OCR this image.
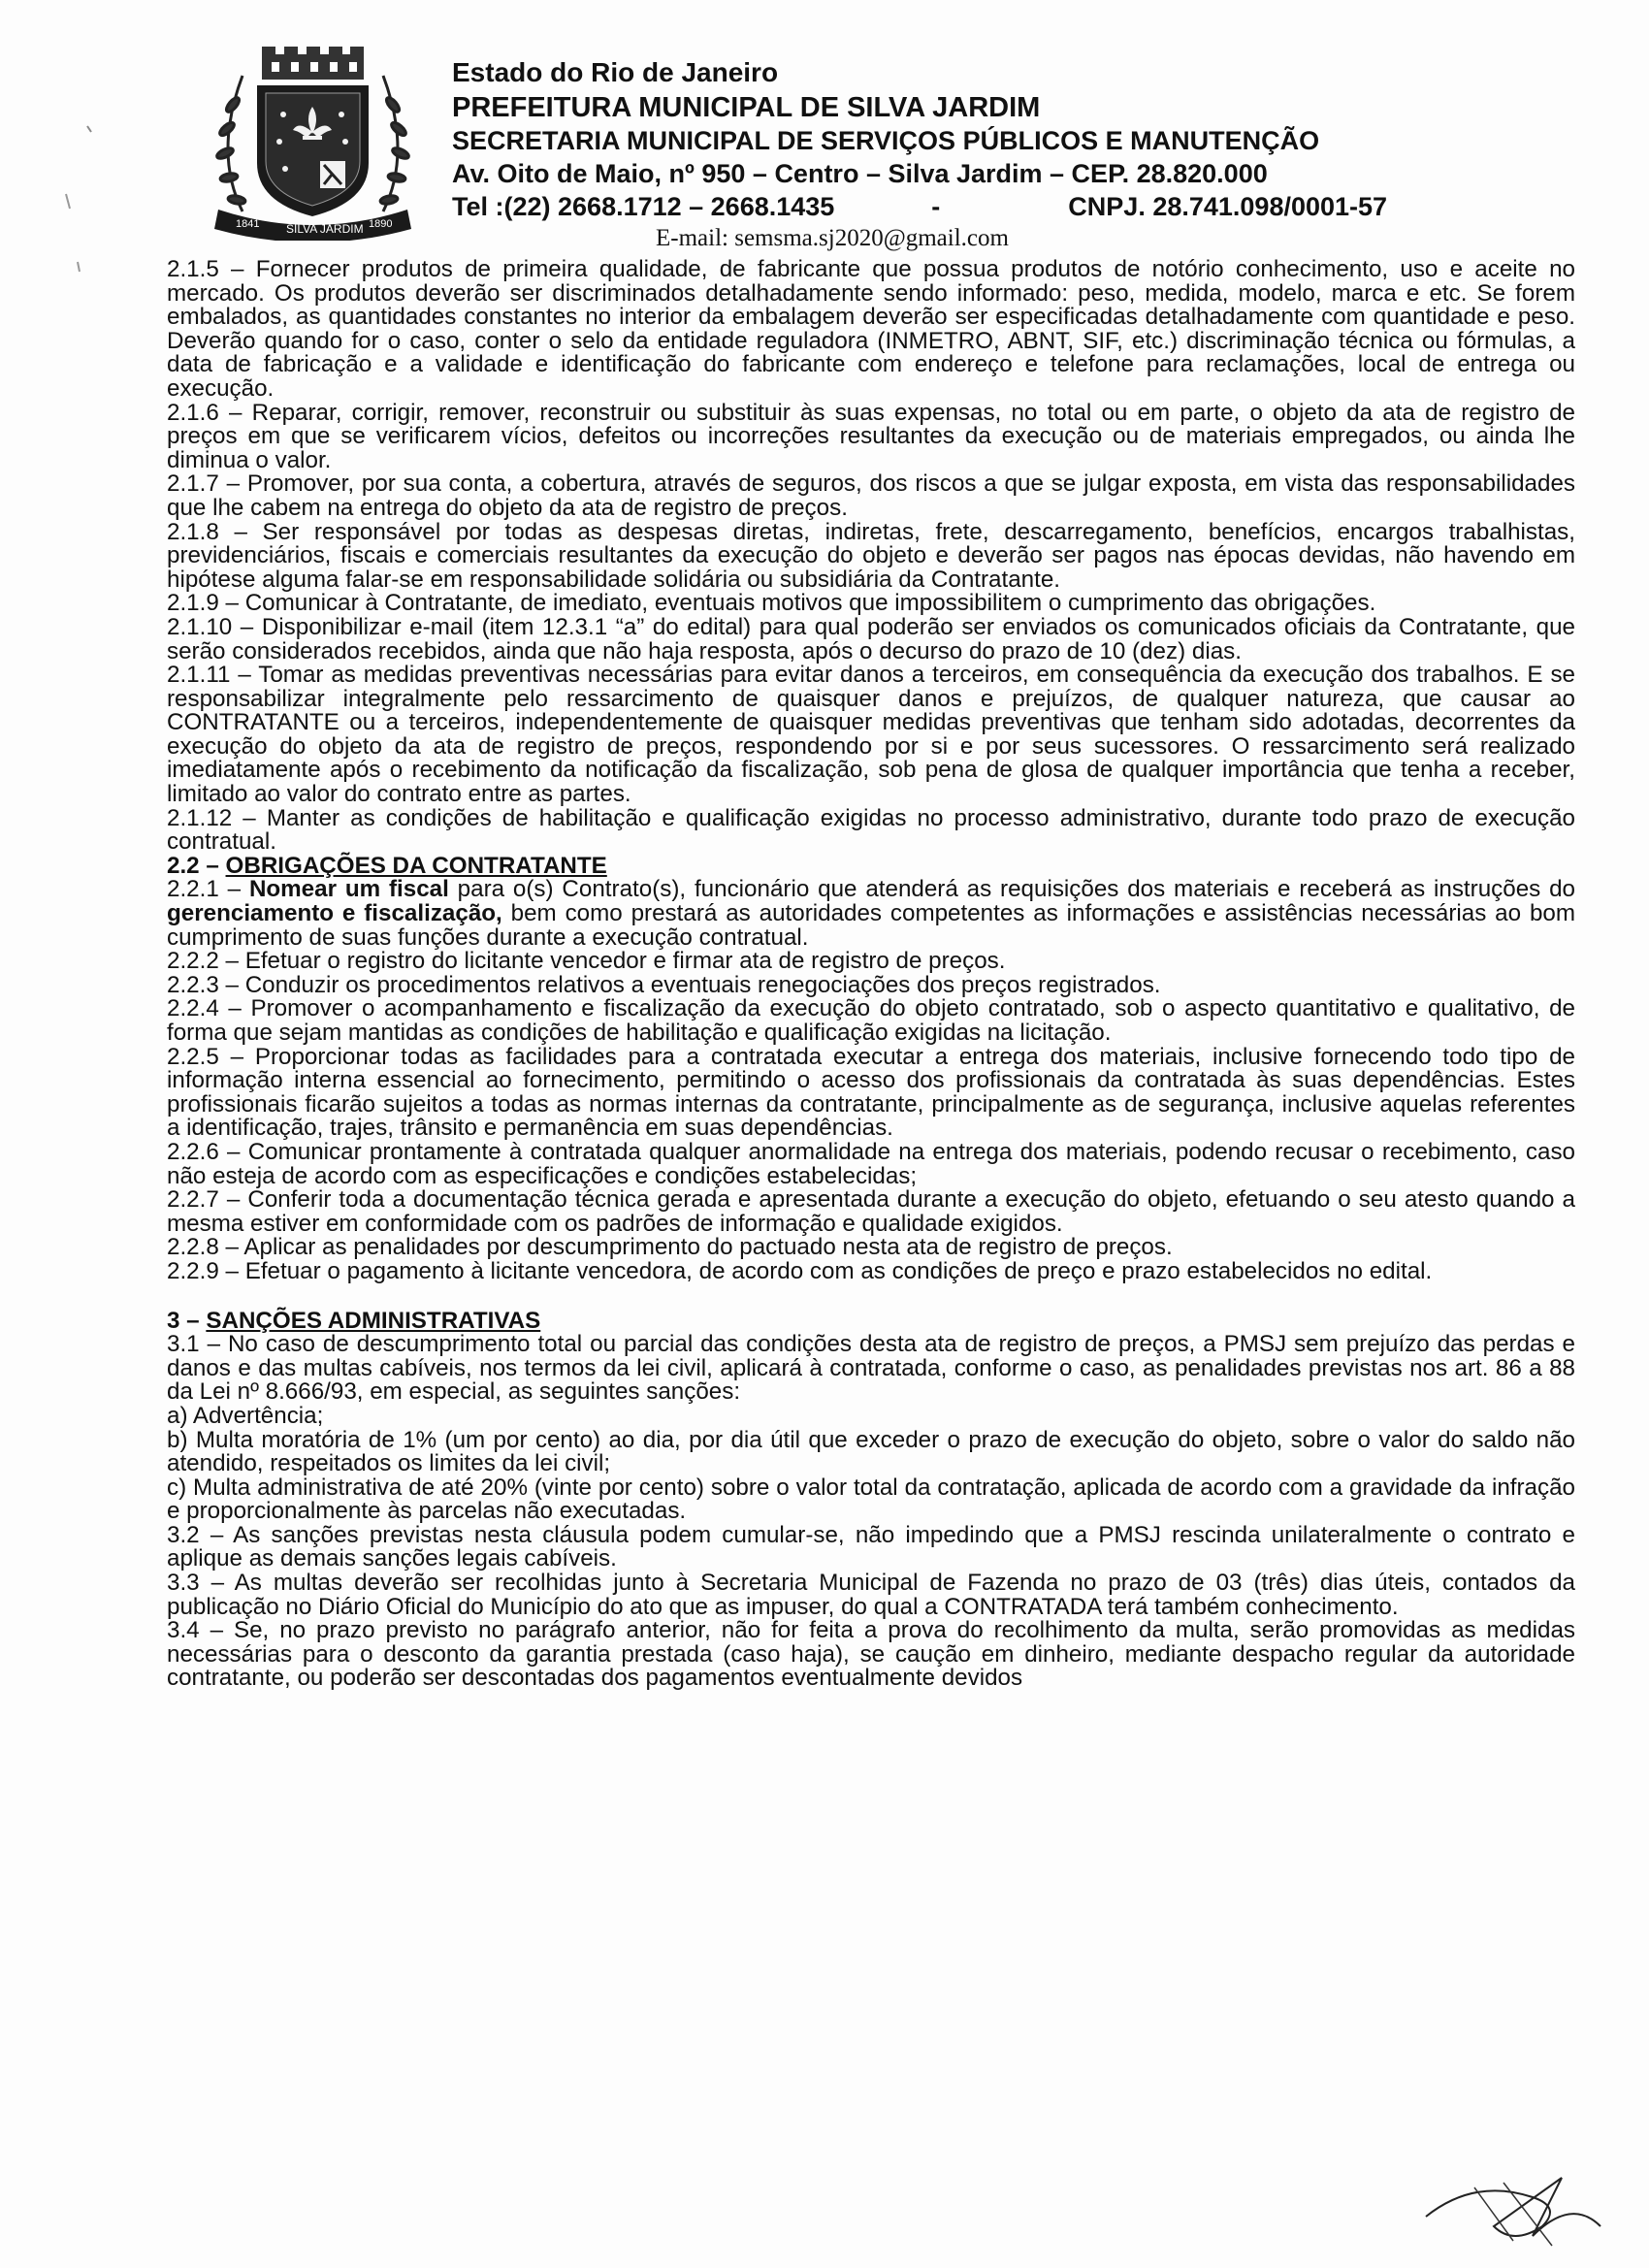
1841 SILVA JARDIM 1890
Estado do Rio de Janeiro
PREFEITURA MUNICIPAL DE SILVA JARDIM
SECRETARIA MUNICIPAL DE SERVIÇOS PÚBLICOS E MANUTENÇÃO
Av. Oito de Maio, nº 950 – Centro – Silva Jardim – CEP. 28.820.000
Tel :(22) 2668.1712 – 2668.1435	-	CNPJ. 28.741.098/0001-57
E-mail: semsma.sj2020@gmail.com

2.1.5 – Fornecer produtos de primeira qualidade, de fabricante que possua produtos de notório conhecimento, uso e aceite no mercado. Os produtos deverão ser discriminados detalhadamente sendo informado: peso, medida, modelo, marca e etc. Se forem embalados, as quantidades constantes no interior da embalagem deverão ser especificadas detalhadamente com quantidade e peso. Deverão quando for o caso, conter o selo da entidade reguladora (INMETRO, ABNT, SIF, etc.) discriminação técnica ou fórmulas, a data de fabricação e a validade e identificação do fabricante com endereço e telefone para reclamações, local de entrega ou execução.

2.1.6 – Reparar, corrigir, remover, reconstruir ou substituir às suas expensas, no total ou em parte, o objeto da ata de registro de preços em que se verificarem vícios, defeitos ou incorreções resultantes da execução ou de materiais empregados, ou ainda lhe diminua o valor.

2.1.7 – Promover, por sua conta, a cobertura, através de seguros, dos riscos a que se julgar exposta, em vista das responsabilidades que lhe cabem na entrega do objeto da ata de registro de preços.

2.1.8 – Ser responsável por todas as despesas diretas, indiretas, frete, descarregamento, benefícios, encargos trabalhistas, previdenciários, fiscais e comerciais resultantes da execução do objeto e deverão ser pagos nas épocas devidas, não havendo em hipótese alguma falar-se em responsabilidade solidária ou subsidiária da Contratante.

2.1.9 – Comunicar à Contratante, de imediato, eventuais motivos que impossibilitem o cumprimento das obrigações.

2.1.10 – Disponibilizar e-mail (item 12.3.1 “a” do edital) para qual poderão ser enviados os comunicados oficiais da Contratante, que serão considerados recebidos, ainda que não haja resposta, após o decurso do prazo de 10 (dez) dias.

2.1.11 – Tomar as medidas preventivas necessárias para evitar danos a terceiros, em consequência da execução dos trabalhos. E se responsabilizar integralmente pelo ressarcimento de quaisquer danos e prejuízos, de qualquer natureza, que causar ao CONTRATANTE ou a terceiros, independentemente de quaisquer medidas preventivas que tenham sido adotadas, decorrentes da execução do objeto da ata de registro de preços, respondendo por si e por seus sucessores. O ressarcimento será realizado imediatamente após o recebimento da notificação da fiscalização, sob pena de glosa de qualquer importância que tenha a receber, limitado ao valor do contrato entre as partes.

2.1.12 – Manter as condições de habilitação e qualificação exigidas no processo administrativo, durante todo prazo de execução contratual.

2.2 – OBRIGAÇÕES DA CONTRATANTE

2.2.1 – Nomear um fiscal para o(s) Contrato(s), funcionário que atenderá as requisições dos materiais e receberá as instruções do gerenciamento e fiscalização, bem como prestará as autoridades competentes as informações e assistências necessárias ao bom cumprimento de suas funções durante a execução contratual.

2.2.2 – Efetuar o registro do licitante vencedor e firmar ata de registro de preços.

2.2.3 – Conduzir os procedimentos relativos a eventuais renegociações dos preços registrados.

2.2.4 – Promover o acompanhamento e fiscalização da execução do objeto contratado, sob o aspecto quantitativo e qualitativo, de forma que sejam mantidas as condições de habilitação e qualificação exigidas na licitação.

2.2.5 – Proporcionar todas as facilidades para a contratada executar a entrega dos materiais, inclusive fornecendo todo tipo de informação interna essencial ao fornecimento, permitindo o acesso dos profissionais da contratada às suas dependências. Estes profissionais ficarão sujeitos a todas as normas internas da contratante, principalmente as de segurança, inclusive aquelas referentes a identificação, trajes, trânsito e permanência em suas dependências.

2.2.6 – Comunicar prontamente à contratada qualquer anormalidade na entrega dos materiais, podendo recusar o recebimento, caso não esteja de acordo com as especificações e condições estabelecidas;

2.2.7 – Conferir toda a documentação técnica gerada e apresentada durante a execução do objeto, efetuando o seu atesto quando a mesma estiver em conformidade com os padrões de informação e qualidade exigidos.

2.2.8 – Aplicar as penalidades por descumprimento do pactuado nesta ata de registro de preços.

2.2.9 – Efetuar o pagamento à licitante vencedora, de acordo com as condições de preço e prazo estabelecidos no edital.

3 – SANÇÕES ADMINISTRATIVAS

3.1 – No caso de descumprimento total ou parcial das condições desta ata de registro de preços, a PMSJ sem prejuízo das perdas e danos e das multas cabíveis, nos termos da lei civil, aplicará à contratada, conforme o caso, as penalidades previstas nos art. 86 a 88 da Lei nº 8.666/93, em especial, as seguintes sanções:

a) Advertência;

b) Multa moratória de 1% (um por cento) ao dia, por dia útil que exceder o prazo de execução do objeto, sobre o valor do saldo não atendido, respeitados os limites da lei civil;

c) Multa administrativa de até 20% (vinte por cento) sobre o valor total da contratação, aplicada de acordo com a gravidade da infração e proporcionalmente às parcelas não executadas.

3.2 – As sanções previstas nesta cláusula podem cumular-se, não impedindo que a PMSJ rescinda unilateralmente o contrato e aplique as demais sanções legais cabíveis.

3.3 – As multas deverão ser recolhidas junto à Secretaria Municipal de Fazenda no prazo de 03 (três) dias úteis, contados da publicação no Diário Oficial do Município do ato que as impuser, do qual a CONTRATADA terá também conhecimento.

3.4 – Se, no prazo previsto no parágrafo anterior, não for feita a prova do recolhimento da multa, serão promovidas as medidas necessárias para o desconto da garantia prestada (caso haja), se caução em dinheiro, mediante despacho regular da autoridade contratante, ou poderão ser descontadas dos pagamentos eventualmente devidos
